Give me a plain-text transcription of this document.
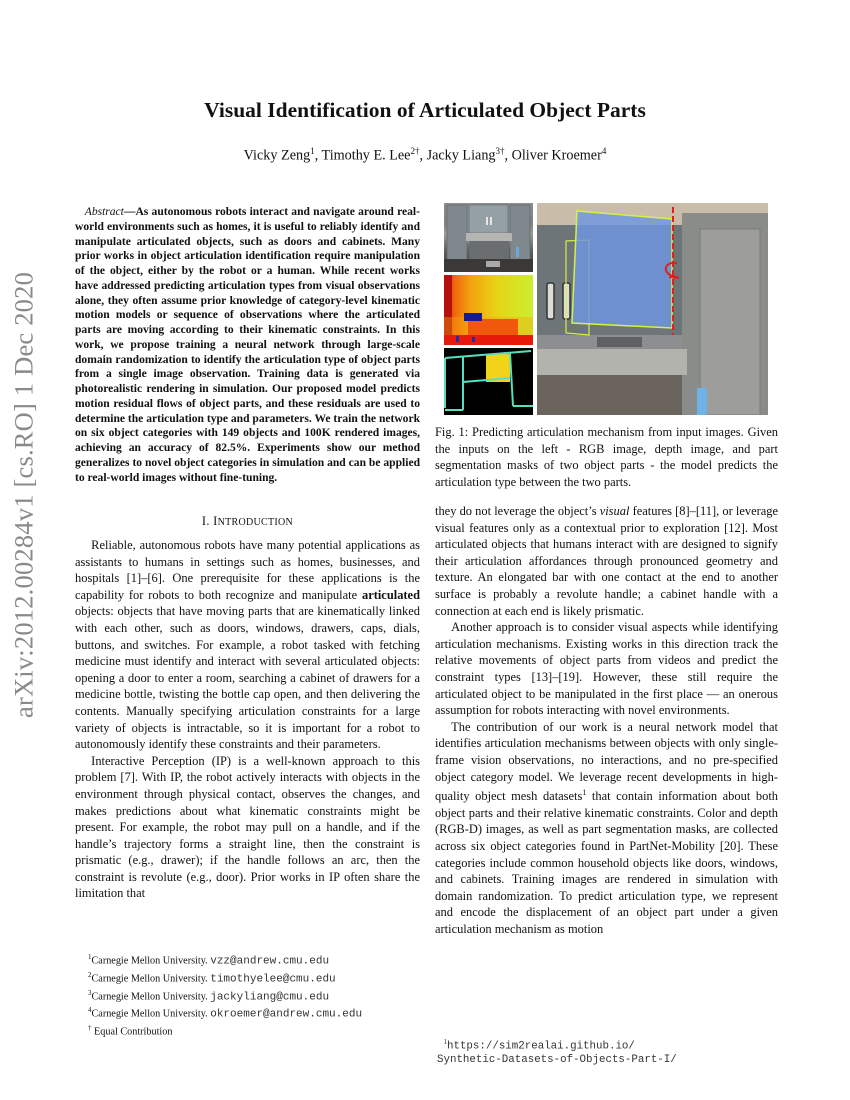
arXiv:2012.00284v1 [cs.RO] 1 Dec 2020
Visual Identification of Articulated Object Parts
Vicky Zeng$^1$, Timothy E. Lee$^{2\dagger}$, Jacky Liang$^{3\dagger}$, Oliver Kroemer$^4$
Abstract—As autonomous robots interact and navigate around real-world environments such as homes, it is useful to reliably identify and manipulate articulated objects, such as doors and cabinets. Many prior works in object articulation identification require manipulation of the object, either by the robot or a human. While recent works have addressed predicting articulation types from visual observations alone, they often assume prior knowledge of category-level kinematic motion models or sequence of observations where the articulated parts are moving according to their kinematic constraints. In this work, we propose training a neural network through large-scale domain randomization to identify the articulation type of object parts from a single image observation. Training data is generated via photorealistic rendering in simulation. Our proposed model predicts motion residual flows of object parts, and these residuals are used to determine the articulation type and parameters. We train the network on six object categories with 149 objects and 100K rendered images, achieving an accuracy of 82.5%. Experiments show our method generalizes to novel object categories in simulation and can be applied to real-world images without fine-tuning.
I. INTRODUCTION

Reliable, autonomous robots have many potential applications as assistants to humans in settings such as homes, businesses, and hospitals [1]–[6]. One prerequisite for these applications is the capability for robots to both recognize and manipulate articulated objects: objects that have moving parts that are kinematically linked with each other, such as doors, windows, drawers, caps, dials, buttons, and switches. For example, a robot tasked with fetching medicine must identify and interact with several articulated objects: opening a door to enter a room, searching a cabinet of drawers for a medicine bottle, twisting the bottle cap open, and then delivering the contents. Manually specifying articulation constraints for a large variety of objects is intractable, so it is important for a robot to autonomously identify these constraints and their parameters.

Interactive Perception (IP) is a well-known approach to this problem [7]. With IP, the robot actively interacts with objects in the environment through physical contact, observes the changes, and makes predictions about what kinematic constraints might be present. For example, the robot may pull on a handle, and if the handle’s trajectory forms a straight line, then the constraint is prismatic (e.g., drawer); if the handle follows an arc, then the constraint is revolute (e.g., door). Prior works in IP often share the limitation that

$^1$Carnegie Mellon University. vzz@andrew.cmu.edu
$^2$Carnegie Mellon University. timothyelee@cmu.edu
$^3$Carnegie Mellon University. jackyliang@cmu.edu
$^4$Carnegie Mellon University. okroemer@andrew.cmu.edu
† Equal Contribution
Fig. 1: Predicting articulation mechanism from input images. Given the inputs on the left - RGB image, depth image, and part segmentation masks of two object parts - the model predicts the articulation type between the two parts.

they do not leverage the object’s visual features [8]–[11], or leverage visual features only as a contextual prior to exploration [12]. Most articulated objects that humans interact with are designed to signify their articulation affordances through pronounced geometry and texture. An elongated bar with one contact at the end to another surface is probably a revolute handle; a cabinet handle with a connection at each end is likely prismatic.

Another approach is to consider visual aspects while identifying articulation mechanisms. Existing works in this direction track the relative movements of object parts from videos and predict the constraint types [13]–[19]. However, these still require the articulated object to be manipulated in the first place — an onerous assumption for robots interacting with novel environments.

The contribution of our work is a neural network model that identifies articulation mechanisms between objects with only single-frame vision observations, no interactions, and no pre-specified object category model. We leverage recent developments in high-quality object mesh datasets$^1$ that contain information about both object parts and their relative kinematic constraints. Color and depth (RGB-D) images, as well as part segmentation masks, are collected across six object categories found in PartNet-Mobility [20]. These categories include common household objects like doors, windows, and cabinets. Training images are rendered in simulation with domain randomization. To predict articulation type, we represent and encode the displacement of an object part under a given articulation mechanism as motion

$^1$https://sim2realai.github.io/
Synthetic-Datasets-of-Objects-Part-I/
